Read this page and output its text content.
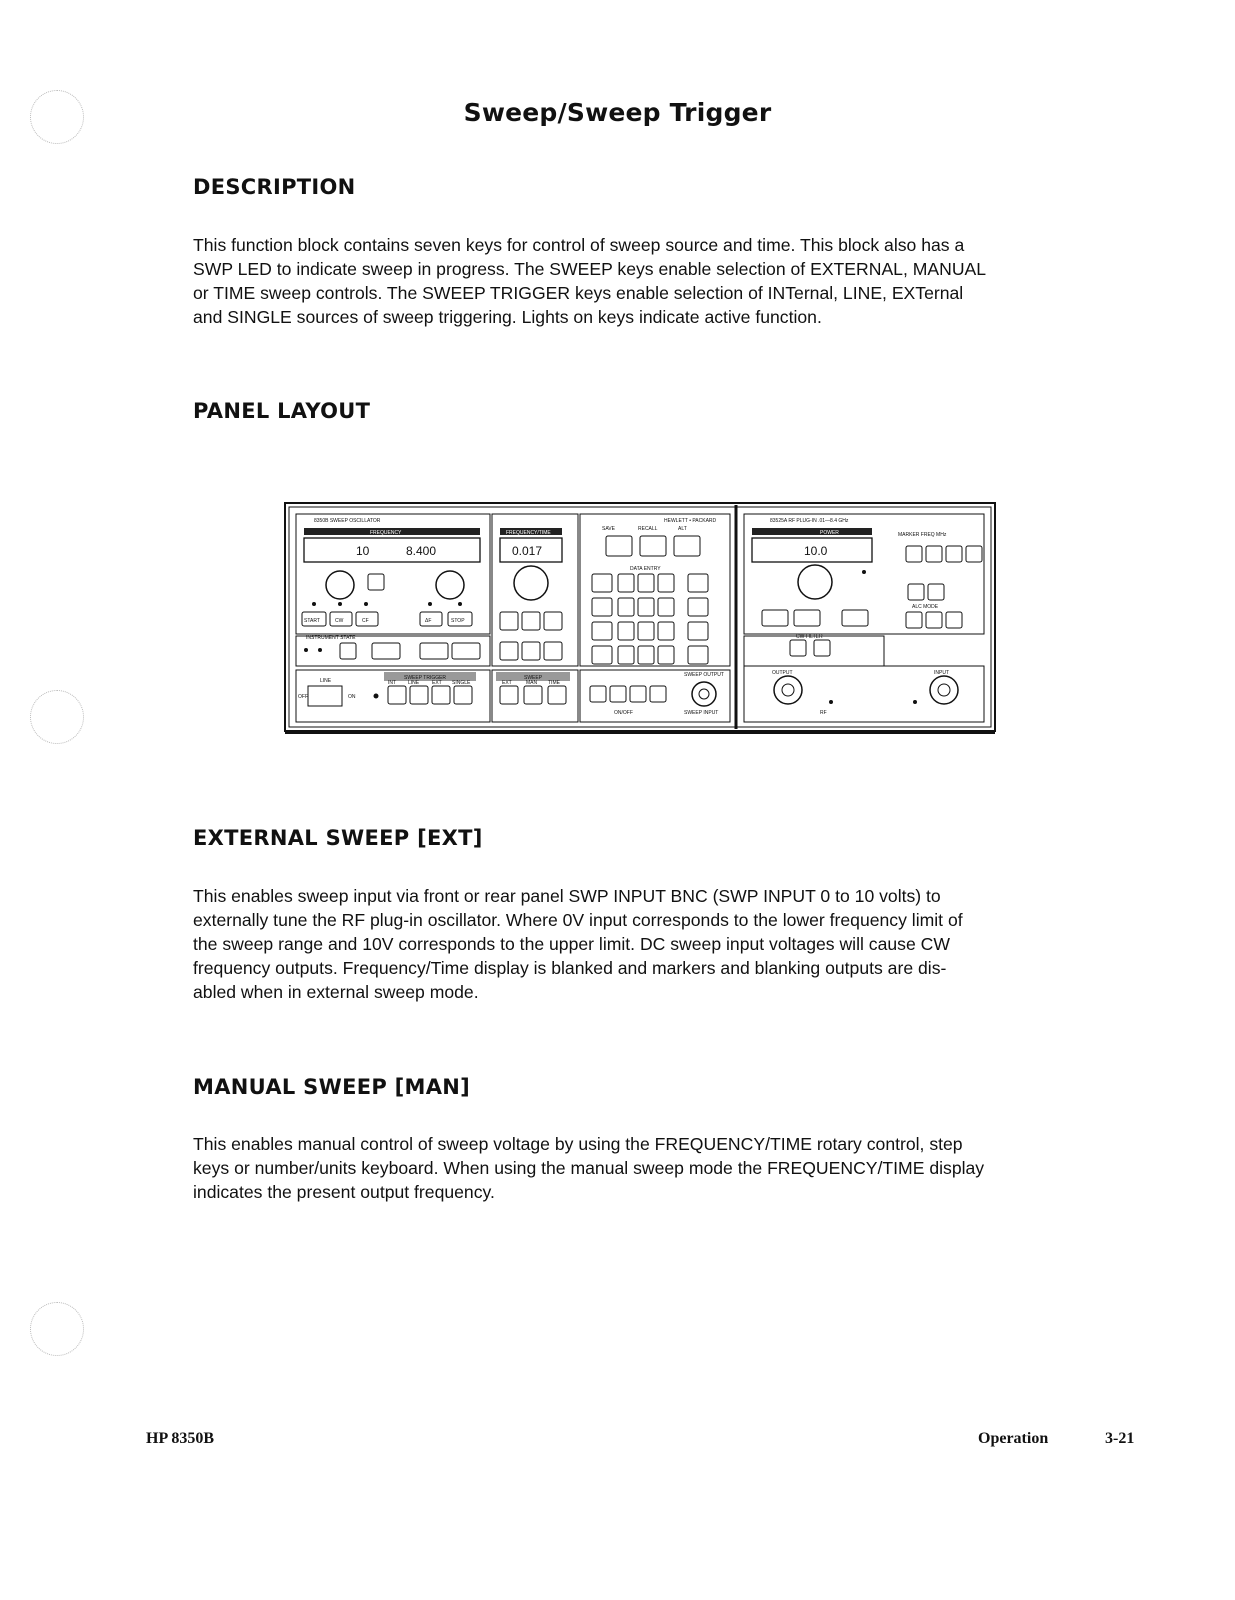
Sweep/Sweep Trigger
DESCRIPTION
This function block contains seven keys for control of sweep source and time. This block also has a
SWP LED to indicate sweep in progress. The SWEEP keys enable selection of EXTERNAL, MANUAL
or TIME sweep controls. The SWEEP TRIGGER keys enable selection of INTernal, LINE, EXTernal
and SINGLE sources of sweep triggering. Lights on keys indicate active function.
PANEL LAYOUT
8350B SWEEP OSCILLATOR	HEWLETT • PACKARD	83525A RF PLUG-IN .01—8.4 GHz
FREQUENCY	FREQUENCY/TIME	POWER
INSTRUMENT STATE
DATA ENTRY
SWEEP TRIGGER	SWEEP
LINE
OFF	ON
SWEEP OUTPUT
SWEEP INPUT
ON/OFF
SAVE	RECALL	ALT
START	CW	CF	ΔF	STOP
INT LINE	EXT SINGLE	EXT	MAN TIME
MARKER FREQ MHz
ALC MODE
CW FILTER
OUTPUT	INPUT
RF
10	8.400	0.017	10.0
EXTERNAL SWEEP [EXT]
This enables sweep input via front or rear panel SWP INPUT BNC (SWP INPUT 0 to 10 volts) to
externally tune the RF plug-in oscillator. Where 0V input corresponds to the lower frequency limit of
the sweep range and 10V corresponds to the upper limit. DC sweep input voltages will cause CW
frequency outputs. Frequency/Time display is blanked and markers and blanking outputs are dis-
abled when in external sweep mode.
MANUAL SWEEP [MAN]
This enables manual control of sweep voltage by using the FREQUENCY/TIME rotary control, step
keys or number/units keyboard. When using the manual sweep mode the FREQUENCY/TIME display
indicates the present output frequency.
HP 8350B	Operation	3-21
